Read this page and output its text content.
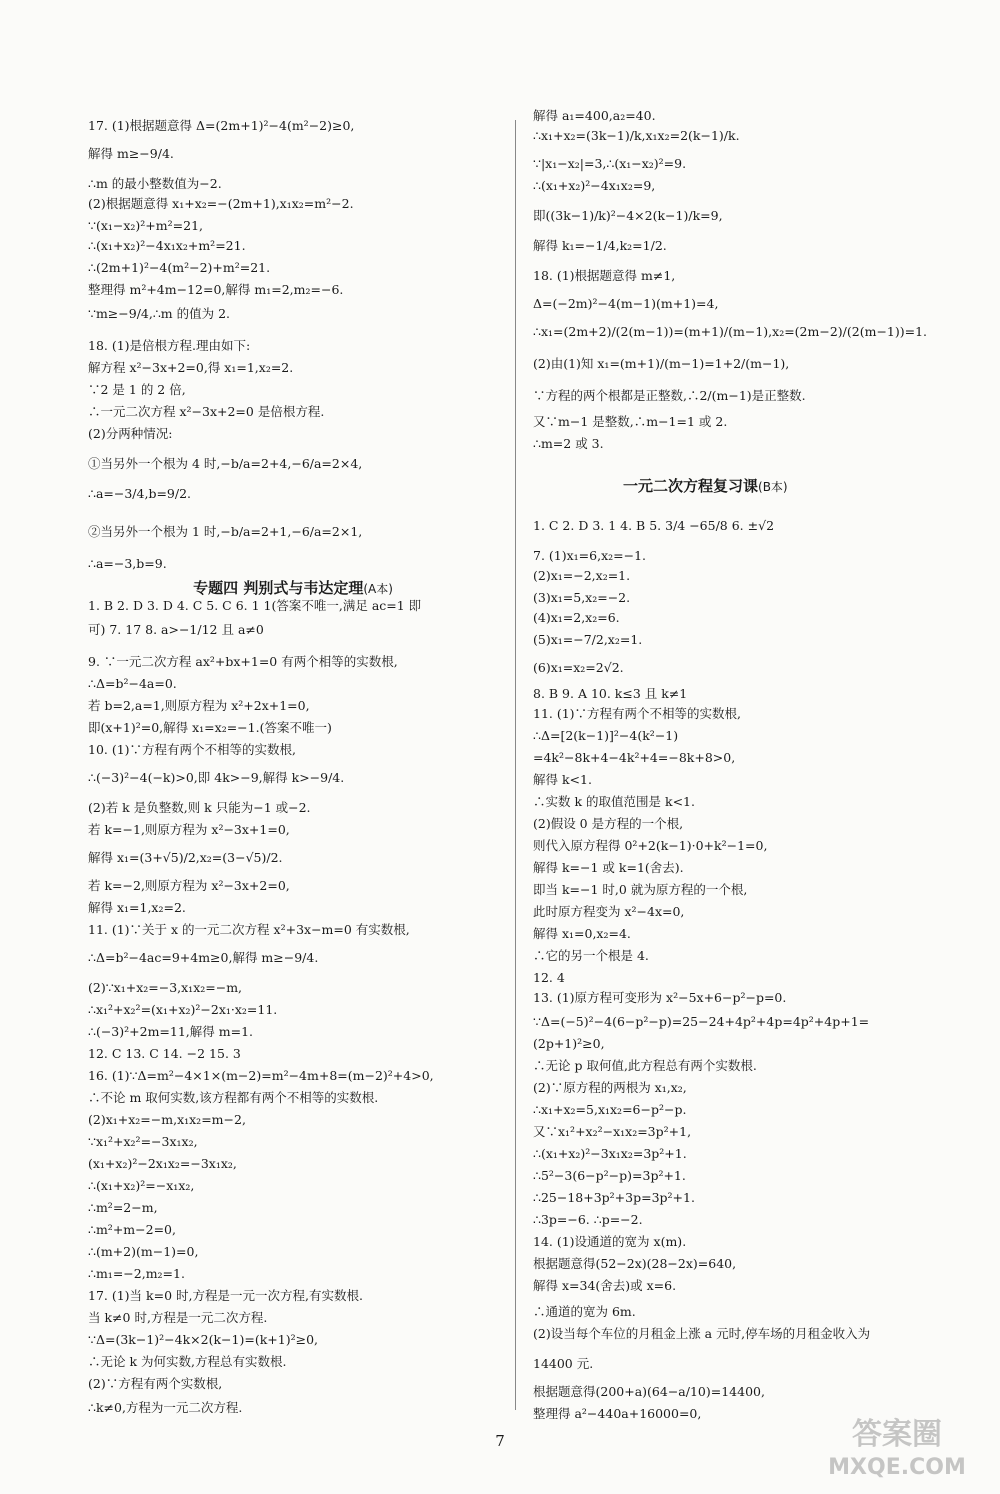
17. (1)根据题意得 Δ=(2m+1)²−4(m²−2)≥0,
解得 m≥−9/4.
∴m 的最小整数值为−2.
(2)根据题意得 x₁+x₂=−(2m+1),x₁x₂=m²−2.
∵(x₁−x₂)²+m²=21,
∴(x₁+x₂)²−4x₁x₂+m²=21.
∴(2m+1)²−4(m²−2)+m²=21.
整理得 m²+4m−12=0,解得 m₁=2,m₂=−6.
∵m≥−9/4,∴m 的值为 2.
18. (1)是倍根方程.理由如下:
解方程 x²−3x+2=0,得 x₁=1,x₂=2.
∵2 是 1 的 2 倍,
∴一元二次方程 x²−3x+2=0 是倍根方程.
(2)分两种情况:
①当另外一个根为 4 时,−b/a=2+4,−6/a=2×4,
∴a=−3/4,b=9/2.
②当另外一个根为 1 时,−b/a=2+1,−6/a=2×1,
∴a=−3,b=9.
1. B 2. D 3. D 4. C 5. C 6. 1 1(答案不唯一,满足 ac=1 即
可) 7. 17 8. a>−1/12 且 a≠0
9. ∵一元二次方程 ax²+bx+1=0 有两个相等的实数根,
∴Δ=b²−4a=0.
若 b=2,a=1,则原方程为 x²+2x+1=0,
即(x+1)²=0,解得 x₁=x₂=−1.(答案不唯一)
10. (1)∵方程有两个不相等的实数根,
∴(−3)²−4(−k)>0,即 4k>−9,解得 k>−9/4.
(2)若 k 是负整数,则 k 只能为−1 或−2.
若 k=−1,则原方程为 x²−3x+1=0,
解得 x₁=(3+√5)/2,x₂=(3−√5)/2.
若 k=−2,则原方程为 x²−3x+2=0,
解得 x₁=1,x₂=2.
11. (1)∵关于 x 的一元二次方程 x²+3x−m=0 有实数根,
∴Δ=b²−4ac=9+4m≥0,解得 m≥−9/4.
(2)∵x₁+x₂=−3,x₁x₂=−m,
∴x₁²+x₂²=(x₁+x₂)²−2x₁·x₂=11.
∴(−3)²+2m=11,解得 m=1.
12. C 13. C 14. −2 15. 3
16. (1)∵Δ=m²−4×1×(m−2)=m²−4m+8=(m−2)²+4>0,
∴不论 m 取何实数,该方程都有两个不相等的实数根.
(2)x₁+x₂=−m,x₁x₂=m−2,
∵x₁²+x₂²=−3x₁x₂,
(x₁+x₂)²−2x₁x₂=−3x₁x₂,
∴(x₁+x₂)²=−x₁x₂,
∴m²=2−m,
∴m²+m−2=0,
∴(m+2)(m−1)=0,
∴m₁=−2,m₂=1.
17. (1)当 k=0 时,方程是一元一次方程,有实数根.
当 k≠0 时,方程是一元二次方程.
∵Δ=(3k−1)²−4k×2(k−1)=(k+1)²≥0,
∴无论 k 为何实数,方程总有实数根.
(2)∵方程有两个实数根,
∴k≠0,方程为一元二次方程.
专题四 判别式与韦达定理(A本)
∴x₁+x₂=(3k−1)/k,x₁x₂=2(k−1)/k.
∵|x₁−x₂|=3,∴(x₁−x₂)²=9.
∴(x₁+x₂)²−4x₁x₂=9,
即((3k−1)/k)²−4×2(k−1)/k=9,
解得 k₁=−1/4,k₂=1/2.
18. (1)根据题意得 m≠1,
Δ=(−2m)²−4(m−1)(m+1)=4,
∴x₁=(2m+2)/(2(m−1))=(m+1)/(m−1),x₂=(2m−2)/(2(m−1))=1.
(2)由(1)知 x₁=(m+1)/(m−1)=1+2/(m−1),
∵方程的两个根都是正整数,∴2/(m−1)是正整数.
又∵m−1 是整数,∴m−1=1 或 2.
∴m=2 或 3.
1. C 2. D 3. 1 4. B 5. 3/4 −65/8 6. ±√2
7. (1)x₁=6,x₂=−1.
(2)x₁=−2,x₂=1.
(3)x₁=5,x₂=−2.
(4)x₁=2,x₂=6.
(5)x₁=−7/2,x₂=1.
(6)x₁=x₂=2√2.
8. B 9. A 10. k≤3 且 k≠1
11. (1)∵方程有两个不相等的实数根,
∴Δ=[2(k−1)]²−4(k²−1)
=4k²−8k+4−4k²+4=−8k+8>0,
解得 k<1.
∴实数 k 的取值范围是 k<1.
(2)假设 0 是方程的一个根,
则代入原方程得 0²+2(k−1)·0+k²−1=0,
解得 k=−1 或 k=1(舍去).
即当 k=−1 时,0 就为原方程的一个根,
此时原方程变为 x²−4x=0,
解得 x₁=0,x₂=4.
∴它的另一个根是 4.
12. 4
13. (1)原方程可变形为 x²−5x+6−p²−p=0.
∵Δ=(−5)²−4(6−p²−p)=25−24+4p²+4p=4p²+4p+1=
(2p+1)²≥0,
∴无论 p 取何值,此方程总有两个实数根.
(2)∵原方程的两根为 x₁,x₂,
∴x₁+x₂=5,x₁x₂=6−p²−p.
又∵x₁²+x₂²−x₁x₂=3p²+1,
∴(x₁+x₂)²−3x₁x₂=3p²+1.
∴5²−3(6−p²−p)=3p²+1.
∴25−18+3p²+3p=3p²+1.
∴3p=−6. ∴p=−2.
14. (1)设通道的宽为 x(m).
根据题意得(52−2x)(28−2x)=640,
解得 x=34(舍去)或 x=6.
∴通道的宽为 6m.
(2)设当每个车位的月租金上涨 a 元时,停车场的月租金收入为
14400 元.
根据题意得(200+a)(64−a/10)=14400,
整理得 a²−440a+16000=0,
解得 a₁=400,a₂=40.
一元二次方程复习课(B本)
7	答案圈
MXQE.COM
